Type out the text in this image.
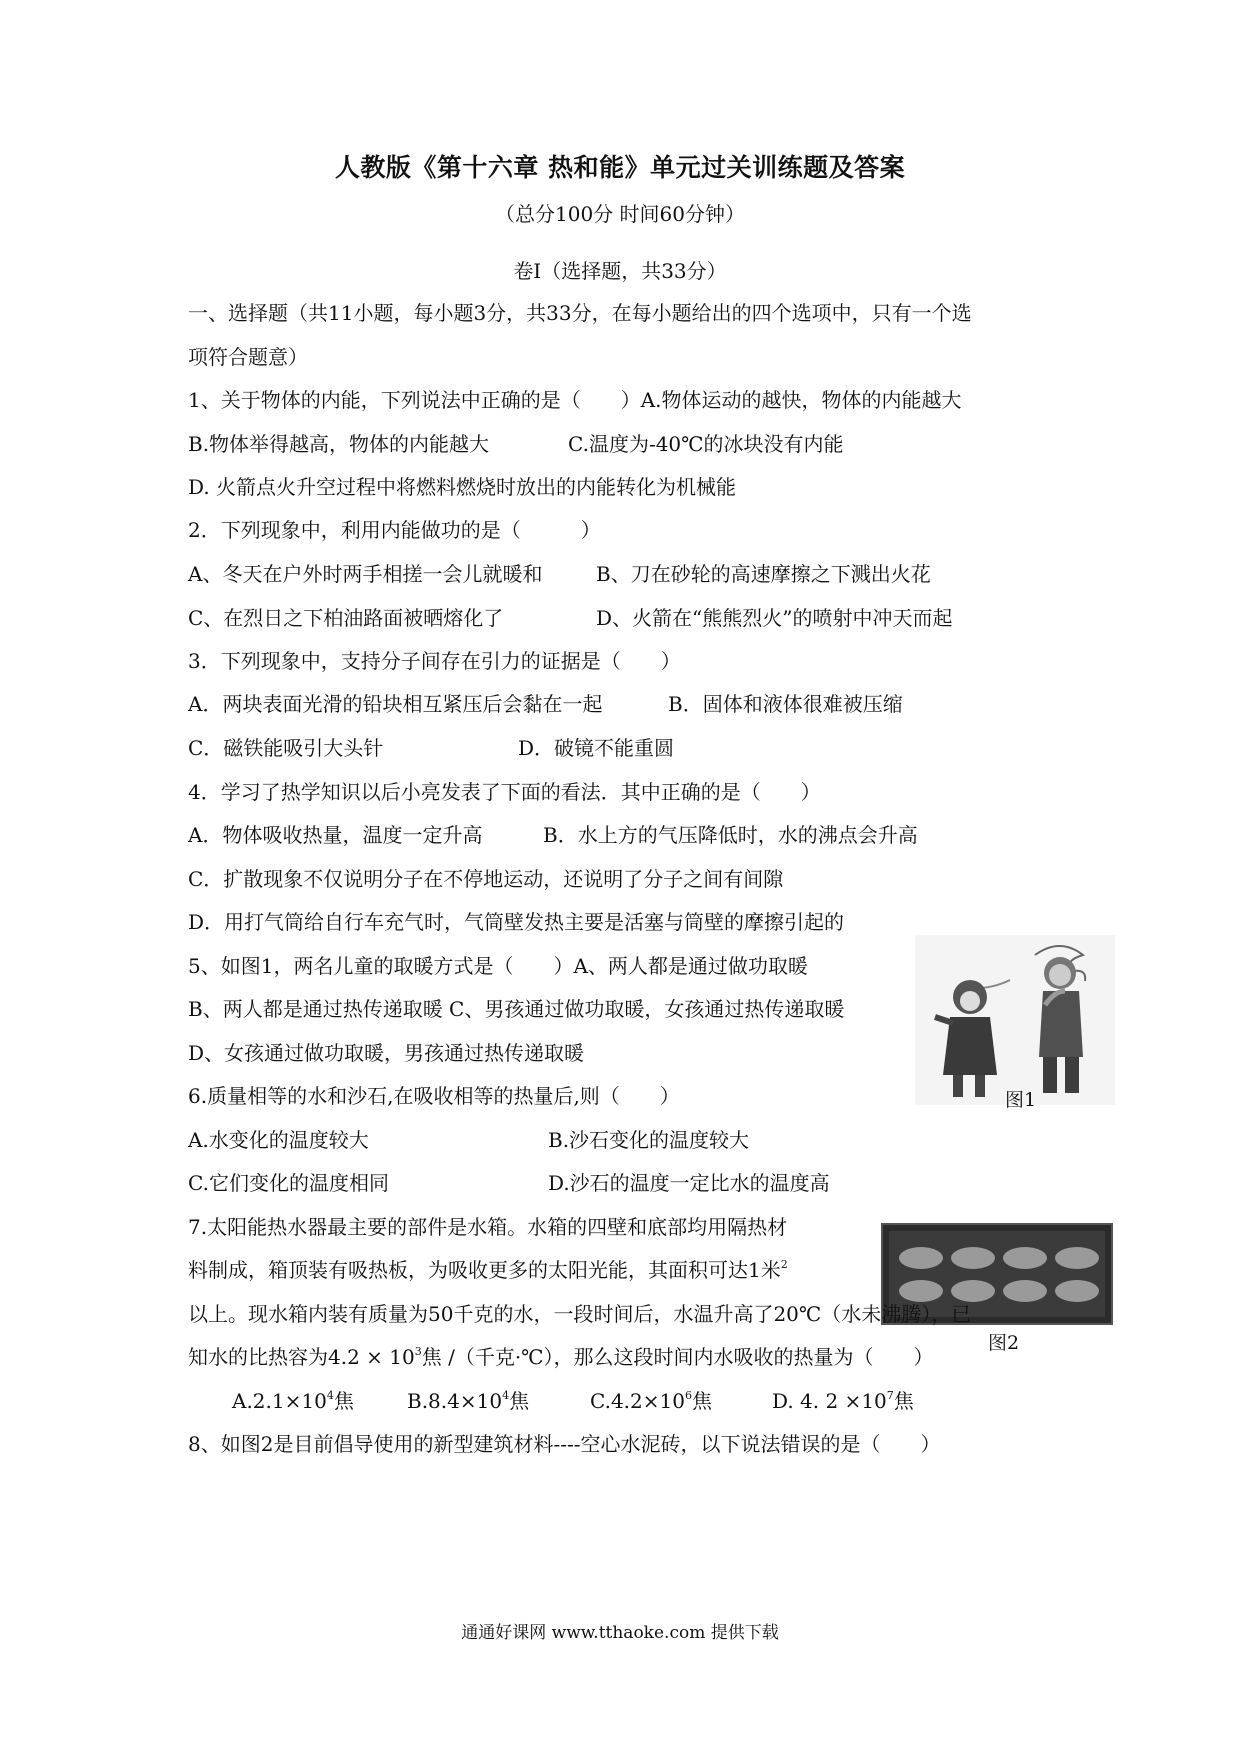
人教版《第十六章 热和能》单元过关训练题及答案
（总分100分 时间60分钟）
卷Ⅰ（选择题，共33分）
一、选择题（共11小题，每小题3分，共33分，在每小题给出的四个选项中，只有一个选
项符合题意）
1、关于物体的内能，下列说法中正确的是（　　）A.物体运动的越快，物体的内能越大
B.物体举得越高，物体的内能越大	C.温度为-40℃的冰块没有内能
D. 火箭点火升空过程中将燃料燃烧时放出的内能转化为机械能
2．下列现象中，利用内能做功的是（　　　）
A、冬天在户外时两手相搓一会儿就暖和	B、刀在砂轮的高速摩擦之下溅出火花
C、在烈日之下柏油路面被晒熔化了	D、火箭在“熊熊烈火”的喷射中冲天而起
3．下列现象中，支持分子间存在引力的证据是（　　）
A．两块表面光滑的铅块相互紧压后会黏在一起	B．固体和液体很难被压缩
C．磁铁能吸引大头针	D．破镜不能重圆
4．学习了热学知识以后小亮发表了下面的看法．其中正确的是（　　）
A．物体吸收热量，温度一定升高	B．水上方的气压降低时，水的沸点会升高
C．扩散现象不仅说明分子在不停地运动，还说明了分子之间有间隙
D．用打气筒给自行车充气时，气筒壁发热主要是活塞与筒壁的摩擦引起的
5、如图1，两名儿童的取暖方式是（　　）A、两人都是通过做功取暖
B、两人都是通过热传递取暖 C、男孩通过做功取暖，女孩通过热传递取暖
D、女孩通过做功取暖，男孩通过热传递取暖
图1
6.质量相等的水和沙石,在吸收相等的热量后,则（　　）
A.水变化的温度较大	B.沙石变化的温度较大
C.它们变化的温度相同	D.沙石的温度一定比水的温度高
图2
7.太阳能热水器最主要的部件是水箱。水箱的四壁和底部均用隔热材
料制成，箱顶装有吸热板，为吸收更多的太阳光能，其面积可达1米$^2$
以上。现水箱内装有质量为50千克的水，一段时间后，水温升高了20℃（水未沸腾），已
知水的比热容为$4.2 \times 10^3$焦 /（千克·℃），那么这段时间内水吸收的热量为（　　）
$A.2.1\times 10^4$焦	$B.8.4\times 10^4$焦	$C.4.2\times 10^6$焦	D. 4. $2 \times 10^7$焦
8、如图2是目前倡导使用的新型建筑材料----空心水泥砖，以下说法错误的是（　　）
通通好课网 www.tthaoke.com 提供下载
